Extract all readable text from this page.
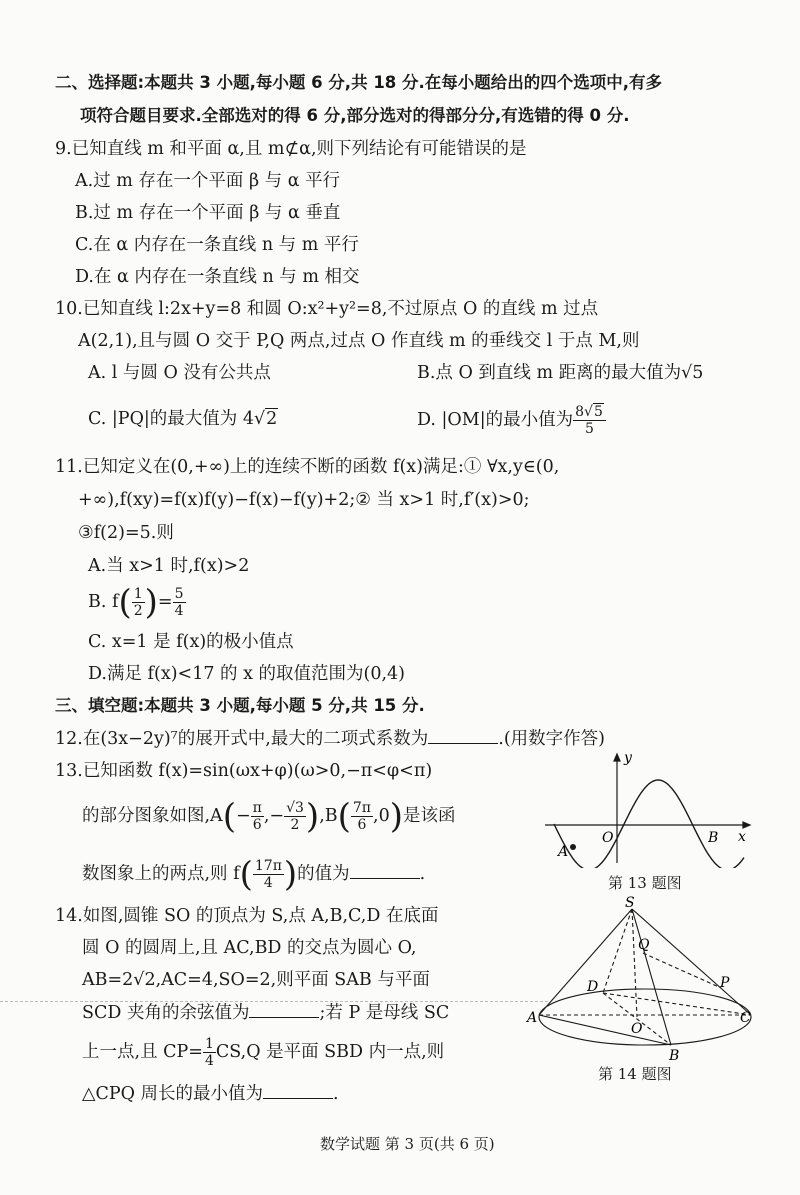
二、选择题:本题共 3 小题,每小题 6 分,共 18 分.在每小题给出的四个选项中,有多
项符合题目要求.全部选对的得 6 分,部分选对的得部分分,有选错的得 0 分.
9.已知直线 m 和平面 α,且 m⊄α,则下列结论有可能错误的是
A.过 m 存在一个平面 β 与 α 平行
B.过 m 存在一个平面 β 与 α 垂直
C.在 α 内存在一条直线 n 与 m 平行
D.在 α 内存在一条直线 n 与 m 相交
10.已知直线 l:2x+y=8 和圆 O:x²+y²=8,不过原点 O 的直线 m 过点
A(2,1),且与圆 O 交于 P,Q 两点,过点 O 作直线 m 的垂线交 l 于点 M,则
A. l 与圆 O 没有公共点	B.点 O 到直线 m 距离的最大值为√5
C. |PQ|的最大值为 4√2	D. |OM|的最小值为 $\frac{8√5}{5}$
11.已知定义在(0,+∞)上的连续不断的函数 f(x)满足:① ∀x,y∈(0,
+∞),f(xy)=f(x)f(y)−f(x)−f(y)+2;② 当 x>1 时,f′(x)>0;
③f(2)=5.则
A.当 x>1 时,f(x)>2
B. $f( \frac{1}{2}$ )= $\frac{5}{4}$
C. x=1 是 f(x)的极小值点
D.满足 f(x)<17 的 x 的取值范围为(0,4)
三、填空题:本题共 3 小题,每小题 5 分,共 15 分.
12.在(3x−2y)⁷的展开式中,最大的二项式系数为	.(用数字作答)
13.已知函数 f(x)=sin(ωx+φ)(ω>0,−π<φ<π)
的部分图象如图$,A(- \frac{\pi}{6}$ ,− $\frac{√3}{2} ),B( \frac{7\pi}{6} ,0)$是该函
数图象上的两点,则 $f( \frac{17\pi}{4}$ )的值为	.
y
x
O
A
B
第 13 题图
14.如图,圆锥 SO 的顶点为 S,点 A,B,C,D 在底面
圆 O 的圆周上,且 AC,BD 的交点为圆心 O,
AB=2√2,AC=4,SO=2,则平面 SAB 与平面
SCD 夹角的余弦值为	;若 P 是母线 SC
上一点,且 $CP= \frac{1}{4} CS,Q$ 是平面 SBD 内一点,则
△CPQ 周长的最小值为	.
S
D
Q
P
A	C
O
B
第 14 题图
数学试题 第 3 页(共 6 页)
